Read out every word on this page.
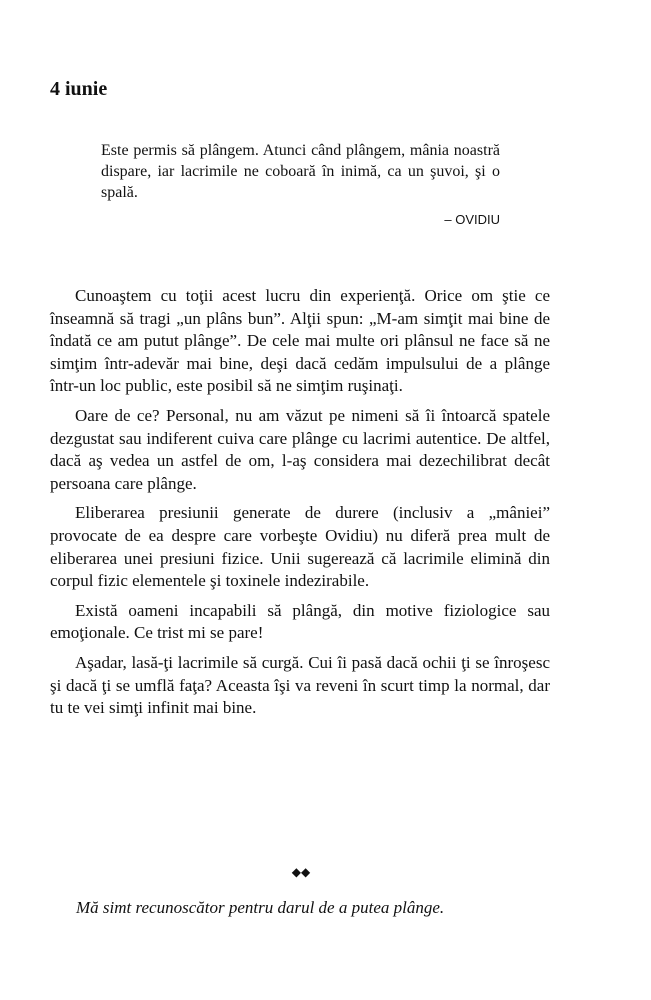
4 iunie

Este permis să plângem. Atunci când plângem, mânia noastră dispare, iar lacrimile ne coboară în inimă, ca un şuvoi, şi o spală.

– OVIDIU

Cunoaştem cu toţii acest lucru din experienţă. Orice om ştie ce înseamnă să tragi „un plâns bun”. Alţii spun: „M-am simţit mai bine de îndată ce am putut plânge”. De cele mai multe ori plânsul ne face să ne simţim într-adevăr mai bine, deşi dacă cedăm impulsului de a plânge într-un loc public, este posibil să ne simţim ruşinaţi.

Oare de ce? Personal, nu am văzut pe nimeni să îi întoarcă spatele dezgustat sau indiferent cuiva care plânge cu lacrimi autentice. De altfel, dacă aş vedea un astfel de om, l-aş considera mai dezechilibrat decât persoana care plânge.

Eliberarea presiunii generate de durere (inclusiv a „mâniei” provocate de ea despre care vorbeşte Ovidiu) nu diferă prea mult de eliberarea unei presiuni fizice. Unii sugerează că lacrimile elimină din corpul fizic elementele şi toxinele indezirabile.

Există oameni incapabili să plângă, din motive fiziologice sau emoţionale. Ce trist mi se pare!

Aşadar, lasă-ţi lacrimile să curgă. Cui îi pasă dacă ochii ţi se înroşesc şi dacă ţi se umflă faţa? Aceasta îşi va reveni în scurt timp la normal, dar tu te vei simţi infinit mai bine.

◆◆

Mă simt recunoscător pentru darul de a putea plânge.
